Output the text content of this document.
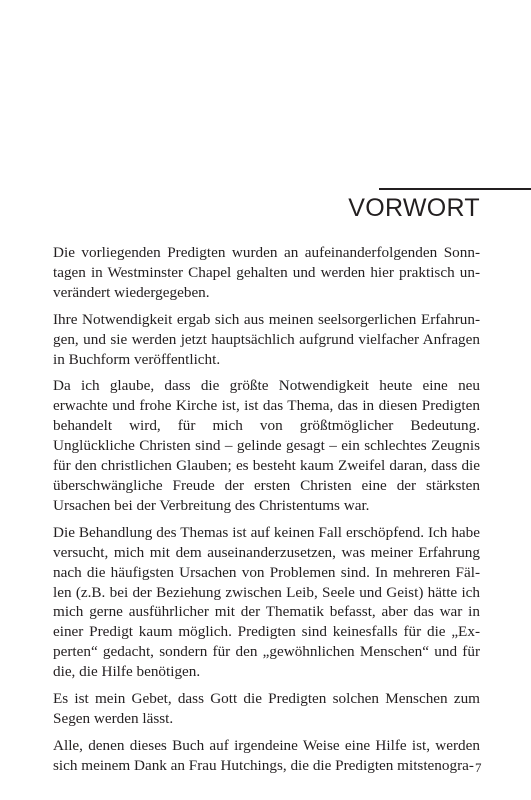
VORWORT

Die vorliegenden Predigten wurden an aufeinanderfolgenden Sonntagen in Westminster Chapel gehalten und werden hier praktisch unverändert wiedergegeben.

Ihre Notwendigkeit ergab sich aus meinen seelsorgerlichen Erfahrungen, und sie werden jetzt hauptsächlich aufgrund vielfacher Anfragen in Buchform veröffentlicht.

Da ich glaube, dass die größte Notwendigkeit heute eine neu erwachte und frohe Kirche ist, ist das Thema, das in diesen Predigten behandelt wird, für mich von größtmöglicher Bedeutung. Unglückliche Christen sind – gelinde gesagt – ein schlechtes Zeugnis für den christlichen Glauben; es besteht kaum Zweifel daran, dass die überschwängliche Freude der ersten Christen eine der stärksten Ursachen bei der Verbreitung des Christentums war.

Die Behandlung des Themas ist auf keinen Fall erschöpfend. Ich habe versucht, mich mit dem auseinanderzusetzen, was meiner Erfahrung nach die häufigsten Ursachen von Problemen sind. In mehreren Fällen (z.B. bei der Beziehung zwischen Leib, Seele und Geist) hätte ich mich gerne ausführlicher mit der Thematik befasst, aber das war in einer Predigt kaum möglich. Predigten sind keinesfalls für die „Experten“ gedacht, sondern für den „gewöhnlichen Menschen“ und für die, die Hilfe benötigen.

Es ist mein Gebet, dass Gott die Predigten solchen Menschen zum Segen werden lässt.

Alle, denen dieses Buch auf irgendeine Weise eine Hilfe ist, werden sich meinem Dank an Frau Hutchings, die die Predigten mitstenogra- 7
